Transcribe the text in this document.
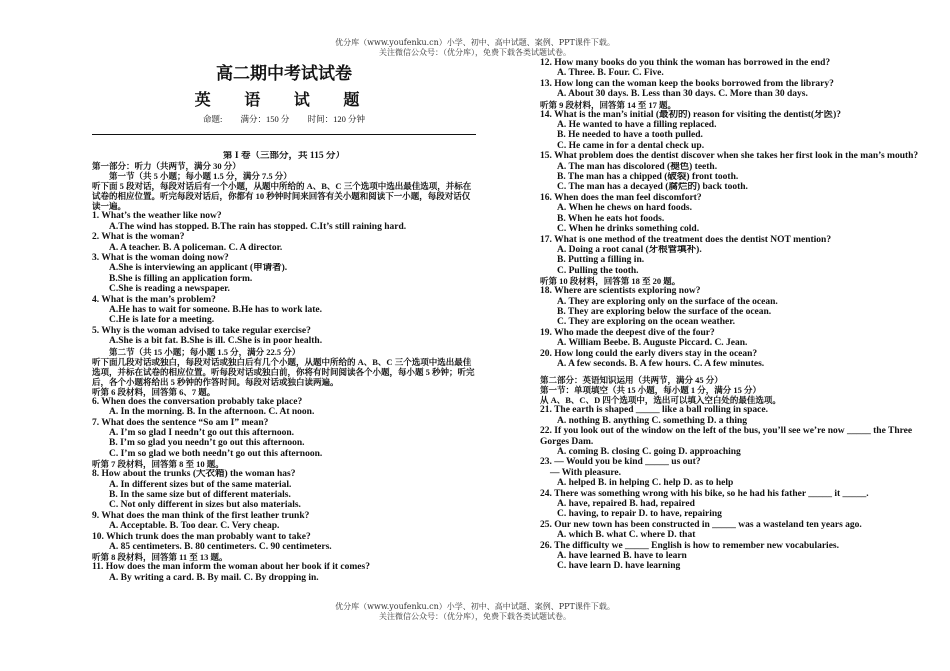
优分库（www.youfenku.cn）小学、初中、高中试题、案例、PPT课件下载。
关注微信公众号：（优分库），免费下载各类试题试卷。
高二期中考试试卷
英 语 试 题
命题: 满分：150 分 时间：120 分钟
第 I 卷（三部分，共 115 分）
第一部分：听力（共两节，满分 30 分）
第一节（共 5 小题；每小题 1.5 分，满分 7.5 分）
听下面 5 段对话，每段对话后有一个小题，从题中所给的 A、B、C 三个选项中选出最佳选项，并标在试卷的相应位置。听完每段对话后，你都有 10 秒钟时间来回答有关小题和阅读下一小题，每段对话仅读一遍。
1. What’s the weather like now?
A.The wind has stopped. B.The rain has stopped. C.It’s still raining hard.
2. What is the woman?
A. A teacher. B. A policeman. C. A director.
3. What is the woman doing now?
A.She is interviewing an applicant (申请者).
B.She is filling an application form.
C.She is reading a newspaper.
4. What is the man’s problem?
A.He has to wait for someone. B.He has to work late.
C.He is late for a meeting.
5. Why is the woman advised to take regular exercise?
A.She is a bit fat. B.She is ill. C.She is in poor health.
第二节（共 15 小题；每小题 1.5 分，满分 22.5 分）
听下面几段对话或独白，每段对话或独白后有几个小题，从题中所给的 A、B、C 三个选项中选出最佳选项，并标在试卷的相应位置。听每段对话或独白前，你将有时间阅读各个小题，每小题 5 秒钟；听完后，各个小题将给出 5 秒钟的作答时间。每段对话或独白读两遍。
听第 6 段材料，回答第 6、7 题。
6. When does the conversation probably take place?
A. In the morning. B. In the afternoon. C. At noon.
7. What does the sentence “So am I” mean?
A. I’m so glad I needn’t go out this afternoon.
B. I’m so glad you needn’t go out this afternoon.
C. I’m so glad we both needn’t go out this afternoon.
听第 7 段材料，回答第 8 至 10 题。
8. How about the trunks (大衣箱) the woman has?
A. In different sizes but of the same material.
B. In the same size but of different materials.
C. Not only different in sizes but also materials.
9. What does the man think of the first leather trunk?
A. Acceptable. B. Too dear. C. Very cheap.
10. Which trunk does the man probably want to take?
A. 85 centimeters. B. 80 centimeters. C. 90 centimeters.
听第 8 段材料，回答第 11 至 13 题。
11. How does the man inform the woman about her book if it comes?
A. By writing a card. B. By mail. C. By dropping in.
12. How many books do you think the woman has borrowed in the end?
A. Three. B. Four. C. Five.
13. How long can the woman keep the books borrowed from the library?
A. About 30 days. B. Less than 30 days. C. More than 30 days.
听第 9 段材料，回答第 14 至 17 题。
14. What is the man’s initial (最初的) reason for visiting the dentist(牙医)?
A. He wanted to have a filling replaced.
B. He needed to have a tooth pulled.
C. He came in for a dental check up.
15. What problem does the dentist discover when she takes her first look in the man’s mouth?
A. The man has discolored (褪色) teeth.
B. The man has a chipped (破裂) front tooth.
C. The man has a decayed (腐烂的) back tooth.
16. When does the man feel discomfort?
A. When he chews on hard foods.
B. When he eats hot foods.
C. When he drinks something cold.
17. What is one method of the treatment does the dentist NOT mention?
A. Doing a root canal (牙根管填补).
B. Putting a filling in.
C. Pulling the tooth.
听第 10 段材料，回答第 18 至 20 题。
18. Where are scientists exploring now?
A. They are exploring only on the surface of the ocean.
B. They are exploring below the surface of the ocean.
C. They are exploring on the ocean weather.
19. Who made the deepest dive of the four?
A. William Beebe. B. Auguste Piccard. C. Jean.
20. How long could the early divers stay in the ocean?
A. A few seconds. B. A few hours. C. A few minutes.
第二部分：英语知识运用（共两节，满分 45 分）
第一节：单项填空（共 15 小题，每小题 1 分，满分 15 分）
从 A、B、C、D 四个选项中，选出可以填入空白处的最佳选项。
21. The earth is shaped _____ like a ball rolling in space.
A. nothing B. anything C. something D. a thing
22. If you look out of the window on the left of the bus, you’ll see we’re now _____ the Three Gorges Dam.
A. coming B. closing C. going D. approaching
23. — Would you be kind _____ us out?
— With pleasure.
A. helped B. in helping C. help D. as to help
24. There was something wrong with his bike, so he had his father _____ it _____.
A. have, repaired B. had, repaired
C. having, to repair D. to have, repairing
25. Our new town has been constructed in _____ was a wasteland ten years ago.
A. which B. what C. where D. that
26. The difficulty we _____ English is how to remember new vocabularies.
A. have learned B. have to learn
C. have learn D. have learning
优分库（www.youfenku.cn）小学、初中、高中试题、案例、PPT课件下载。
关注微信公众号：（优分库），免费下载各类试题试卷。
